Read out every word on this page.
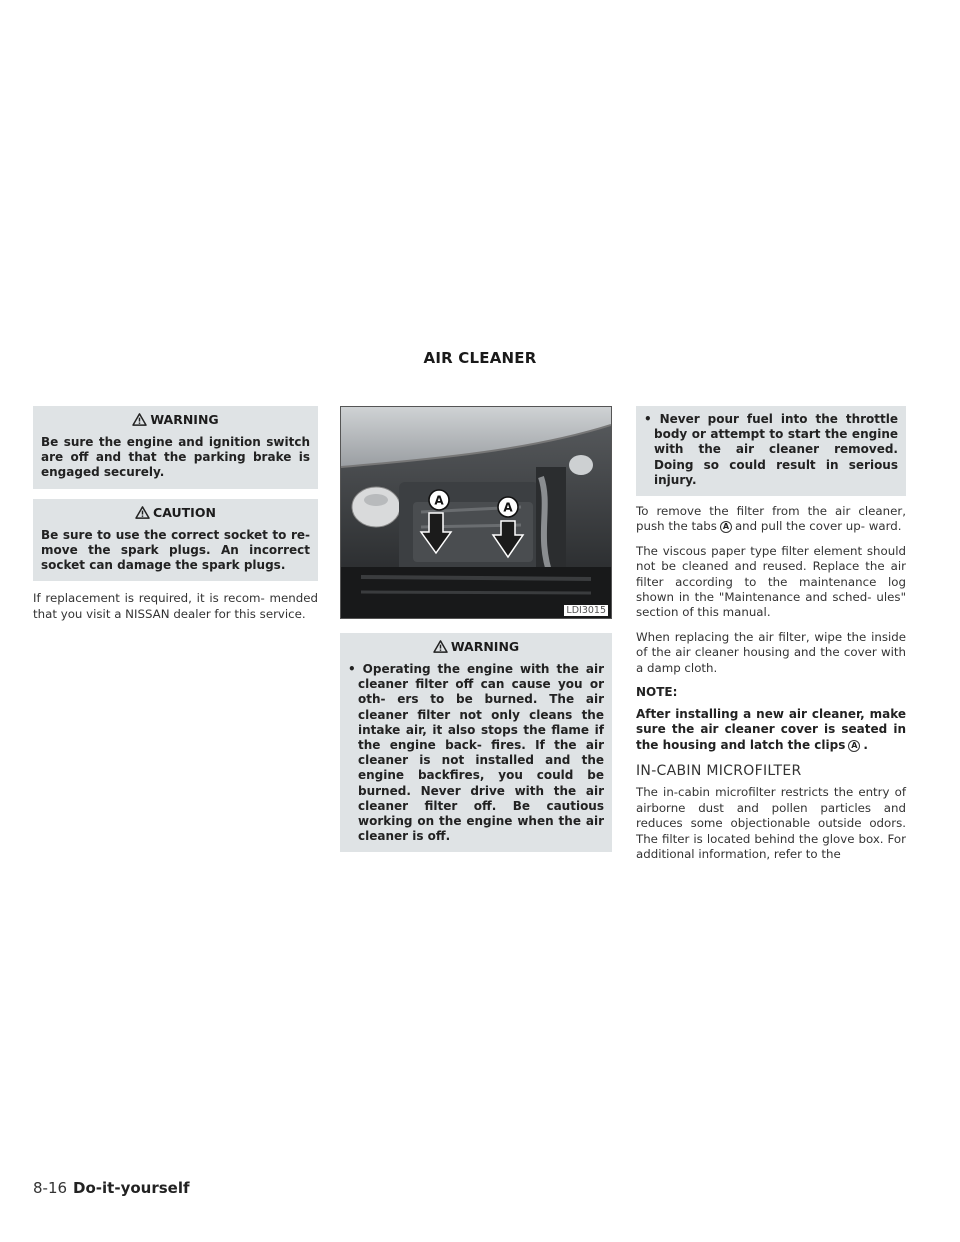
AIR CLEANER
WARNING
Be sure the engine and ignition switch are off and that the parking brake is engaged securely.
CAUTION
Be sure to use the correct socket to re- move the spark plugs. An incorrect socket can damage the spark plugs.

If replacement is required, it is recom- mended that you visit a NISSAN dealer for this service.

A	A
LDI3015
WARNING
• Operating the engine with the air cleaner filter off can cause you or oth- ers to be burned. The air cleaner filter not only cleans the intake air, it also stops the flame if the engine back- fires. If the air cleaner is not installed and the engine backfires, you could be burned. Never drive with the air cleaner filter off. Be cautious working on the engine when the air cleaner is off.
• Never pour fuel into the throttle body or attempt to start the engine with the air cleaner removed. Doing so could result in serious injury.

To remove the filter from the air cleaner, push the tabs A and pull the cover up- ward.

The viscous paper type filter element should not be cleaned and reused. Replace the air filter according to the maintenance log shown in the "Maintenance and sched- ules" section of this manual.

When replacing the air filter, wipe the inside of the air cleaner housing and the cover with a damp cloth.

NOTE:

After installing a new air cleaner, make sure the air cleaner cover is seated in the housing and latch the clips A .

IN-CABIN MICROFILTER

The in-cabin microfilter restricts the entry of airborne dust and pollen particles and reduces some objectionable outside odors. The filter is located behind the glove box. For additional information, refer to the

8-16 Do-it-yourself
